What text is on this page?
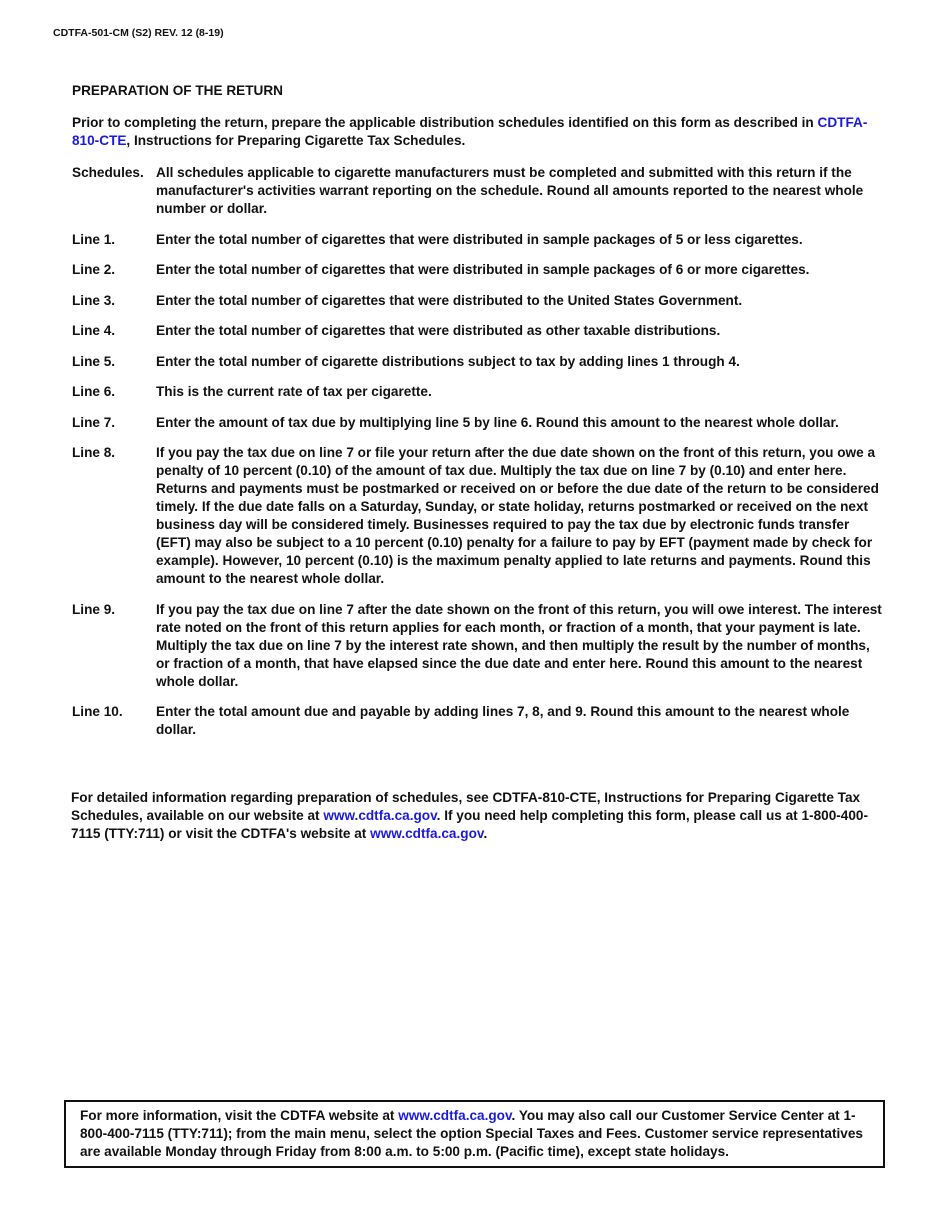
CDTFA-501-CM (S2) REV. 12 (8-19)
PREPARATION OF THE RETURN
Prior to completing the return, prepare the applicable distribution schedules identified on this form as described in CDTFA-810-CTE, Instructions for Preparing Cigarette Tax Schedules.
Schedules. All schedules applicable to cigarette manufacturers must be completed and submitted with this return if the manufacturer's activities warrant reporting on the schedule. Round all amounts reported to the nearest whole number or dollar.
Line 1.	Enter the total number of cigarettes that were distributed in sample packages of 5 or less cigarettes.
Line 2.	Enter the total number of cigarettes that were distributed in sample packages of 6 or more cigarettes.
Line 3.	Enter the total number of cigarettes that were distributed to the United States Government.
Line 4.	Enter the total number of cigarettes that were distributed as other taxable distributions.
Line 5.	Enter the total number of cigarette distributions subject to tax by adding lines 1 through 4.
Line 6.	This is the current rate of tax per cigarette.
Line 7.	Enter the amount of tax due by multiplying line 5 by line 6. Round this amount to the nearest whole dollar.
Line 8.	If you pay the tax due on line 7 or file your return after the due date shown on the front of this return, you owe a penalty of 10 percent (0.10) of the amount of tax due. Multiply the tax due on line 7 by (0.10) and enter here. Returns and payments must be postmarked or received on or before the due date of the return to be considered timely. If the due date falls on a Saturday, Sunday, or state holiday, returns postmarked or received on the next business day will be considered timely. Businesses required to pay the tax due by electronic funds transfer (EFT) may also be subject to a 10 percent (0.10) penalty for a failure to pay by EFT (payment made by check for example). However, 10 percent (0.10) is the maximum penalty applied to late returns and payments. Round this amount to the nearest whole dollar.
Line 9.	If you pay the tax due on line 7 after the date shown on the front of this return, you will owe interest. The interest rate noted on the front of this return applies for each month, or fraction of a month, that your payment is late. Multiply the tax due on line 7 by the interest rate shown, and then multiply the result by the number of months, or fraction of a month, that have elapsed since the due date and enter here. Round this amount to the nearest whole dollar.
Line 10.	Enter the total amount due and payable by adding lines 7, 8, and 9. Round this amount to the nearest whole dollar.
For detailed information regarding preparation of schedules, see CDTFA-810-CTE, Instructions for Preparing Cigarette Tax Schedules, available on our website at www.cdtfa.ca.gov. If you need help completing this form, please call us at 1-800-400-7115 (TTY:711) or visit the CDTFA's website at www.cdtfa.ca.gov.
For more information, visit the CDTFA website at www.cdtfa.ca.gov. You may also call our Customer Service Center at 1-800-400-7115 (TTY:711); from the main menu, select the option Special Taxes and Fees. Customer service representatives are available Monday through Friday from 8:00 a.m. to 5:00 p.m. (Pacific time), except state holidays.
